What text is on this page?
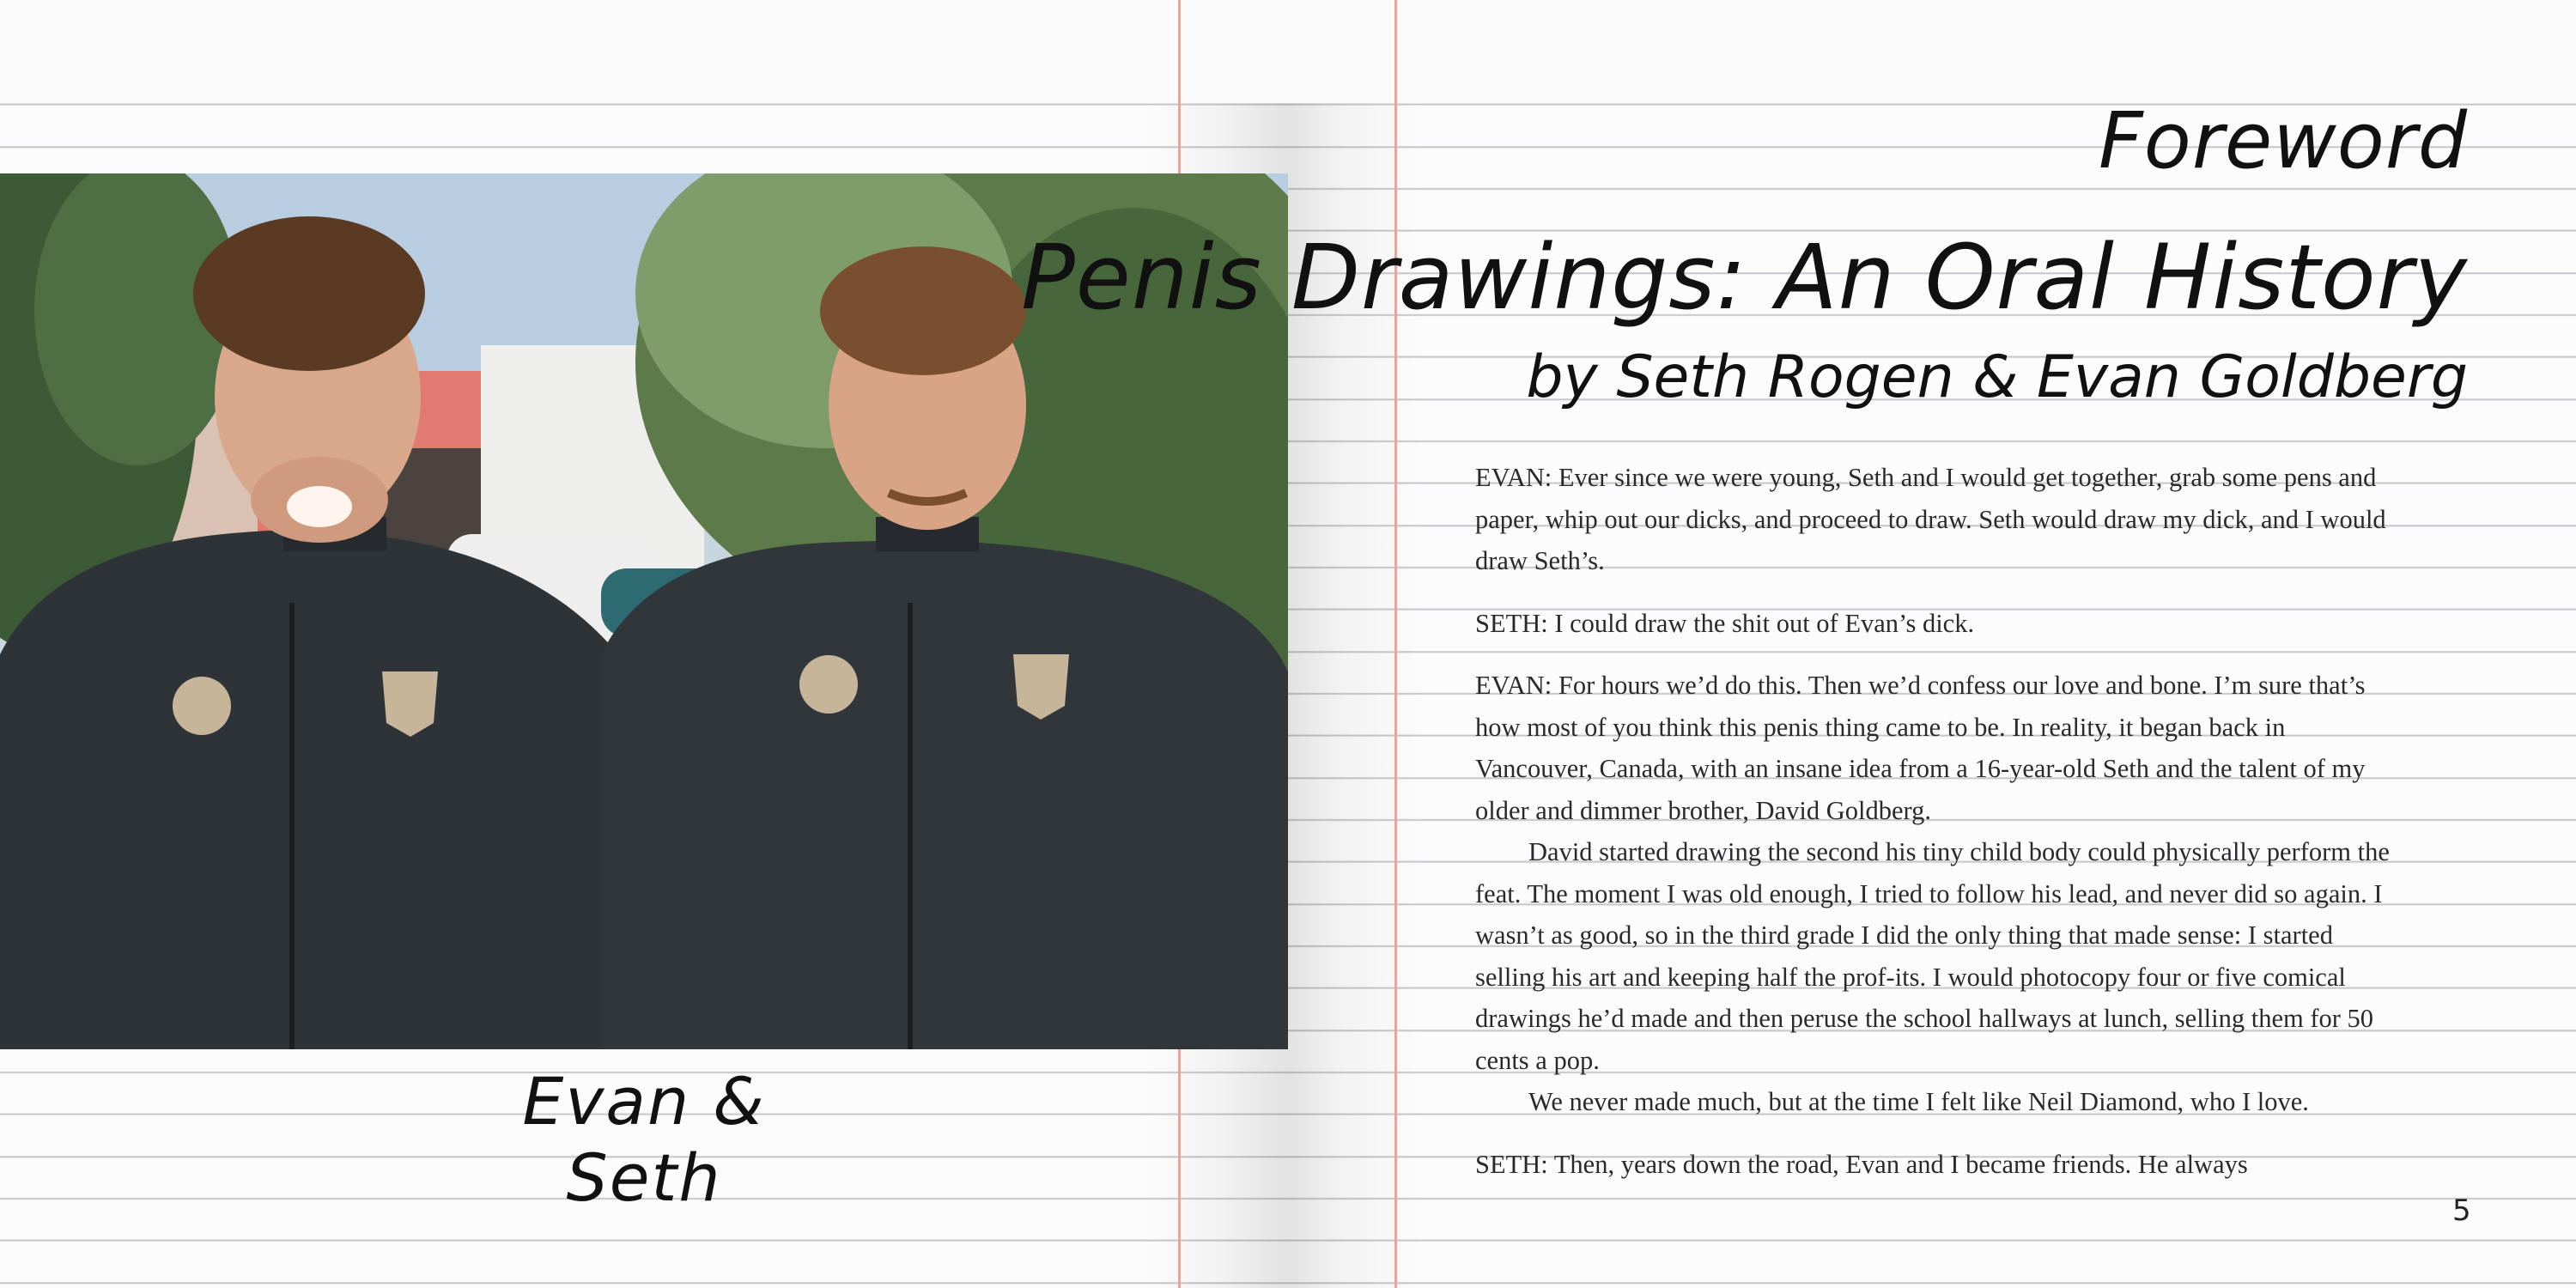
Evan & Seth
Foreword
Penis Drawings: An Oral History
by Seth Rogen & Evan Goldberg

EVAN: Ever since we were young, Seth and I would get together, grab some pens and paper, whip out our dicks, and proceed to draw. Seth would draw my dick, and I would draw Seth’s.

SETH: I could draw the shit out of Evan’s dick.

EVAN: For hours we’d do this. Then we’d confess our love and bone. I’m sure that’s how most of you think this penis thing came to be. In reality, it began back in Vancouver, Canada, with an insane idea from a 16-year-old Seth and the talent of my older and dimmer brother, David Goldberg.

David started drawing the second his tiny child body could physically perform the feat. The moment I was old enough, I tried to follow his lead, and never did so again. I wasn’t as good, so in the third grade I did the only thing that made sense: I started selling his art and keeping half the prof-its. I would photocopy four or five comical drawings he’d made and then peruse the school hallways at lunch, selling them for 50 cents a pop.

We never made much, but at the time I felt like Neil Diamond, who I love.

SETH: Then, years down the road, Evan and I became friends. He always

5
